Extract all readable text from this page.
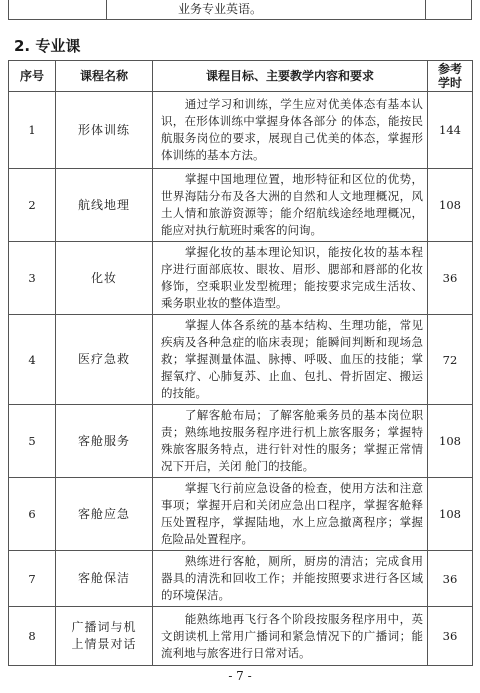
业务专业英语。
2. 专业课
序号	课程名称	课程目标、主要教学内容和要求	参考
学时

1	形体训练	　　通过学习和训练，学生应对优美体态有基本认识，在形体训练中掌握身体各部分 的体态，能按民航服务岗位的要求，展现自己优美的体态，掌握形体训练的基本方法。	144
2	航线地理	　　掌握中国地理位置，地形特征和区位的优势，世界海陆分布及各大洲的自然和人文地理概况，风土人情和旅游资源等；能介绍航线途经地理概况，能应对执行航班时乘客的问询。	108
3	化妆	　　掌握化妆的基本理论知识，能按化妆的基本程序进行面部底妆、眼妆、眉形、腮部和唇部的化妆修饰，空乘职业发型梳理；能按要求完成生活妆、乘务职业妆的整体造型。	36
4	医疗急救	　　掌握人体各系统的基本结构、生理功能，常见疾病及各种急症的临床表现；能瞬间判断和现场急救；掌握测量体温、脉搏、呼吸、血压的技能；掌握氧疗、心肺复苏、止血、包扎、骨折固定、搬运的技能。	72
5	客舱服务	　　了解客舱布局；了解客舱乘务员的基本岗位职责；熟练地按服务程序进行机上旅客服务；掌握特殊旅客服务特点，进行针对性的服务；掌握正常情况下开启，关闭 舱门的技能。	108
6	客舱应急	　　掌握飞行前应急设备的检查，使用方法和注意事项；掌握开启和关闭应急出口程序，掌握客舱释压处置程序，掌握陆地，水上应急撤离程序；掌握危险品处置程序。	108
7	客舱保洁	　　熟练进行客舱，厕所，厨房的清洁；完成食用器具的清洗和回收工作；并能按照要求进行各区域的环境保洁。	36
8	广播词与机
上情景对话	　　能熟练地再飞行各个阶段按服务程序用中，英文朗读机上常用广播词和紧急情况下的广播词；能流利地与旅客进行日常对话。	36
- 7 -
